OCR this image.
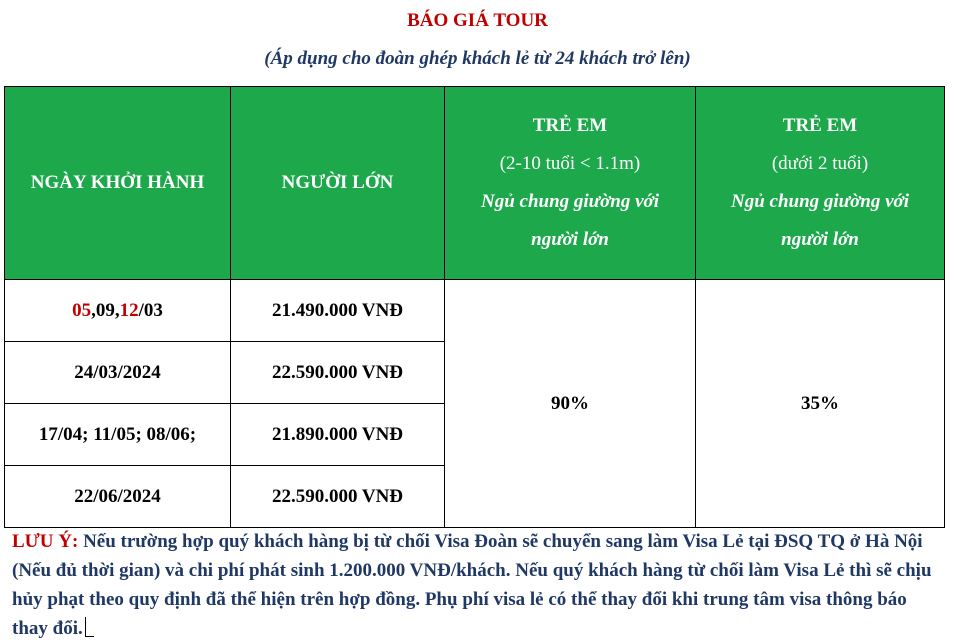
BÁO GIÁ TOUR
(Áp dụng cho đoàn ghép khách lẻ từ 24 khách trở lên)
NGÀY KHỞI HÀNH	NGƯỜI LỚN	TRẺ EM
(2-10 tuổi < 1.1m)
Ngủ chung giường với
người lớn	TRẺ EM
(dưới 2 tuổi)
Ngủ chung giường với
người lớn

05,09,12/03	21.490.000 VNĐ	90%	35%
24/03/2024	22.590.000 VNĐ		
17/04; 11/05; 08/06;	21.890.000 VNĐ		
22/06/2024	22.590.000 VNĐ		
LƯU Ý: Nếu trường hợp quý khách hàng bị từ chối Visa Đoàn sẽ chuyển sang làm Visa Lẻ tại ĐSQ TQ ở Hà Nội (Nếu đủ thời gian) và chi phí phát sinh 1.200.000 VNĐ/khách. Nếu quý khách hàng từ chối làm Visa Lẻ thì sẽ chịu hủy phạt theo quy định đã thể hiện trên hợp đồng. Phụ phí visa lẻ có thể thay đổi khi trung tâm visa thông báo thay đổi.
